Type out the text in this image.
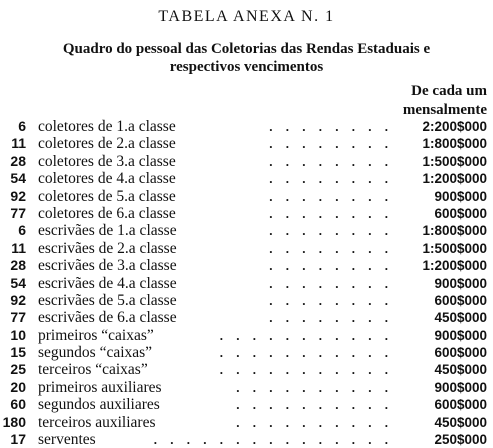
TABELA ANEXA N. 1
Quadro do pessoal das Coletorias das Rendas Estaduais e
respectivos vencimentos
De cada um
mensalmente
6 coletores de 1.a classe	. . . . . . . . 2:200$000
11 coletores de 2.a classe	. . . . . . . . 1:800$000
28 coletores de 3.a classe	. . . . . . . . 1:500$000
54 coletores de 4.a classe	. . . . . . . . 1:200$000
92 coletores de 5.a classe	. . . . . . . .	900$000
77 coletores de 6.a classe	. . . . . . . .	600$000
6 escrivães de 1.a classe	. . . . . . . . 1:800$000
11 escrivães de 2.a classe	. . . . . . . . 1:500$000
28 escrivães de 3.a classe	. . . . . . . . 1:200$000
54 escrivães de 4.a classe	. . . . . . . .	900$000
92 escrivães de 5.a classe	. . . . . . . .	600$000
77 escrivães de 6.a classe	. . . . . . . .	450$000
10 primeiros “caixas”	. . . . . . . . . . .	900$000
15 segundos “caixas”	. . . . . . . . . . .	600$000
25 terceiros “caixas”	. . . . . . . . . . .	450$000
20 primeiros auxiliares	. . . . . . . . . .	900$000
60 segundos auxiliares	. . . . . . . . . .	600$000
180 terceiros auxiliares	. . . . . . . . . .	450$000
17 serventes	. . . . . . . . . . . . . . .	250$000
